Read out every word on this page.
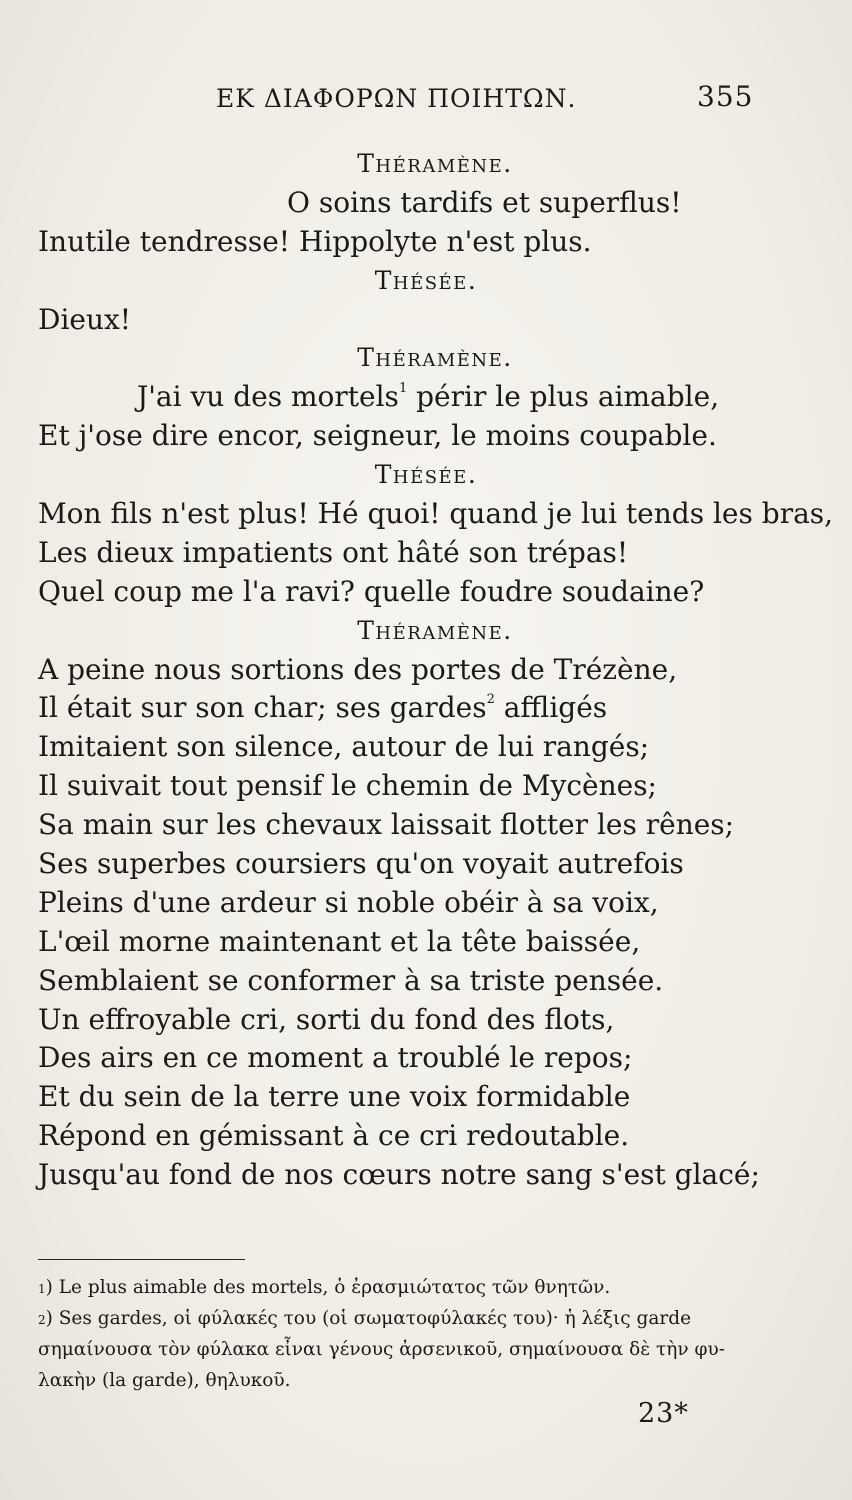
ΕΚ ΔΙΑΦΟΡΩΝ ΠΟΙΗΤΩΝ.	355
Théramène.
O soins tardifs et superflus!
Inutile tendresse! Hippolyte n'est plus.
Thésée.
Dieux!
Théramène.
J'ai vu des mortels$^1$ périr le plus aimable,
Et j'ose dire encor, seigneur, le moins coupable.
Thésée.
Mon fils n'est plus! Hé quoi! quand je lui tends les bras,
Les dieux impatients ont hâté son trépas!
Quel coup me l'a ravi? quelle foudre soudaine?
Théramène.
A peine nous sortions des portes de Trézène,
Il était sur son char; ses gardes$^2$ affligés
Imitaient son silence, autour de lui rangés;
Il suivait tout pensif le chemin de Mycènes;
Sa main sur les chevaux laissait flotter les rênes;
Ses superbes coursiers qu'on voyait autrefois
Pleins d'une ardeur si noble obéir à sa voix,
L'œil morne maintenant et la tête baissée,
Semblaient se conformer à sa triste pensée.
Un effroyable cri, sorti du fond des flots,
Des airs en ce moment a troublé le repos;
Et du sein de la terre une voix formidable
Répond en gémissant à ce cri redoutable.
Jusqu'au fond de nos cœurs notre sang s'est glacé;
$^1$) Le plus aimable des mortels, ὁ ἐρασμιώτατος τῶν θνητῶν.
$^2$) Ses gardes, οἱ φύλακές του (οἱ σωματοφύλακές του)· ἡ λέξις garde
σημαίνουσα τὸν φύλακα εἶναι γένους ἀρσενικοῦ, σημαίνουσα δὲ τὴν φυ-
λακὴν (la garde), θηλυκοῦ.
23*
